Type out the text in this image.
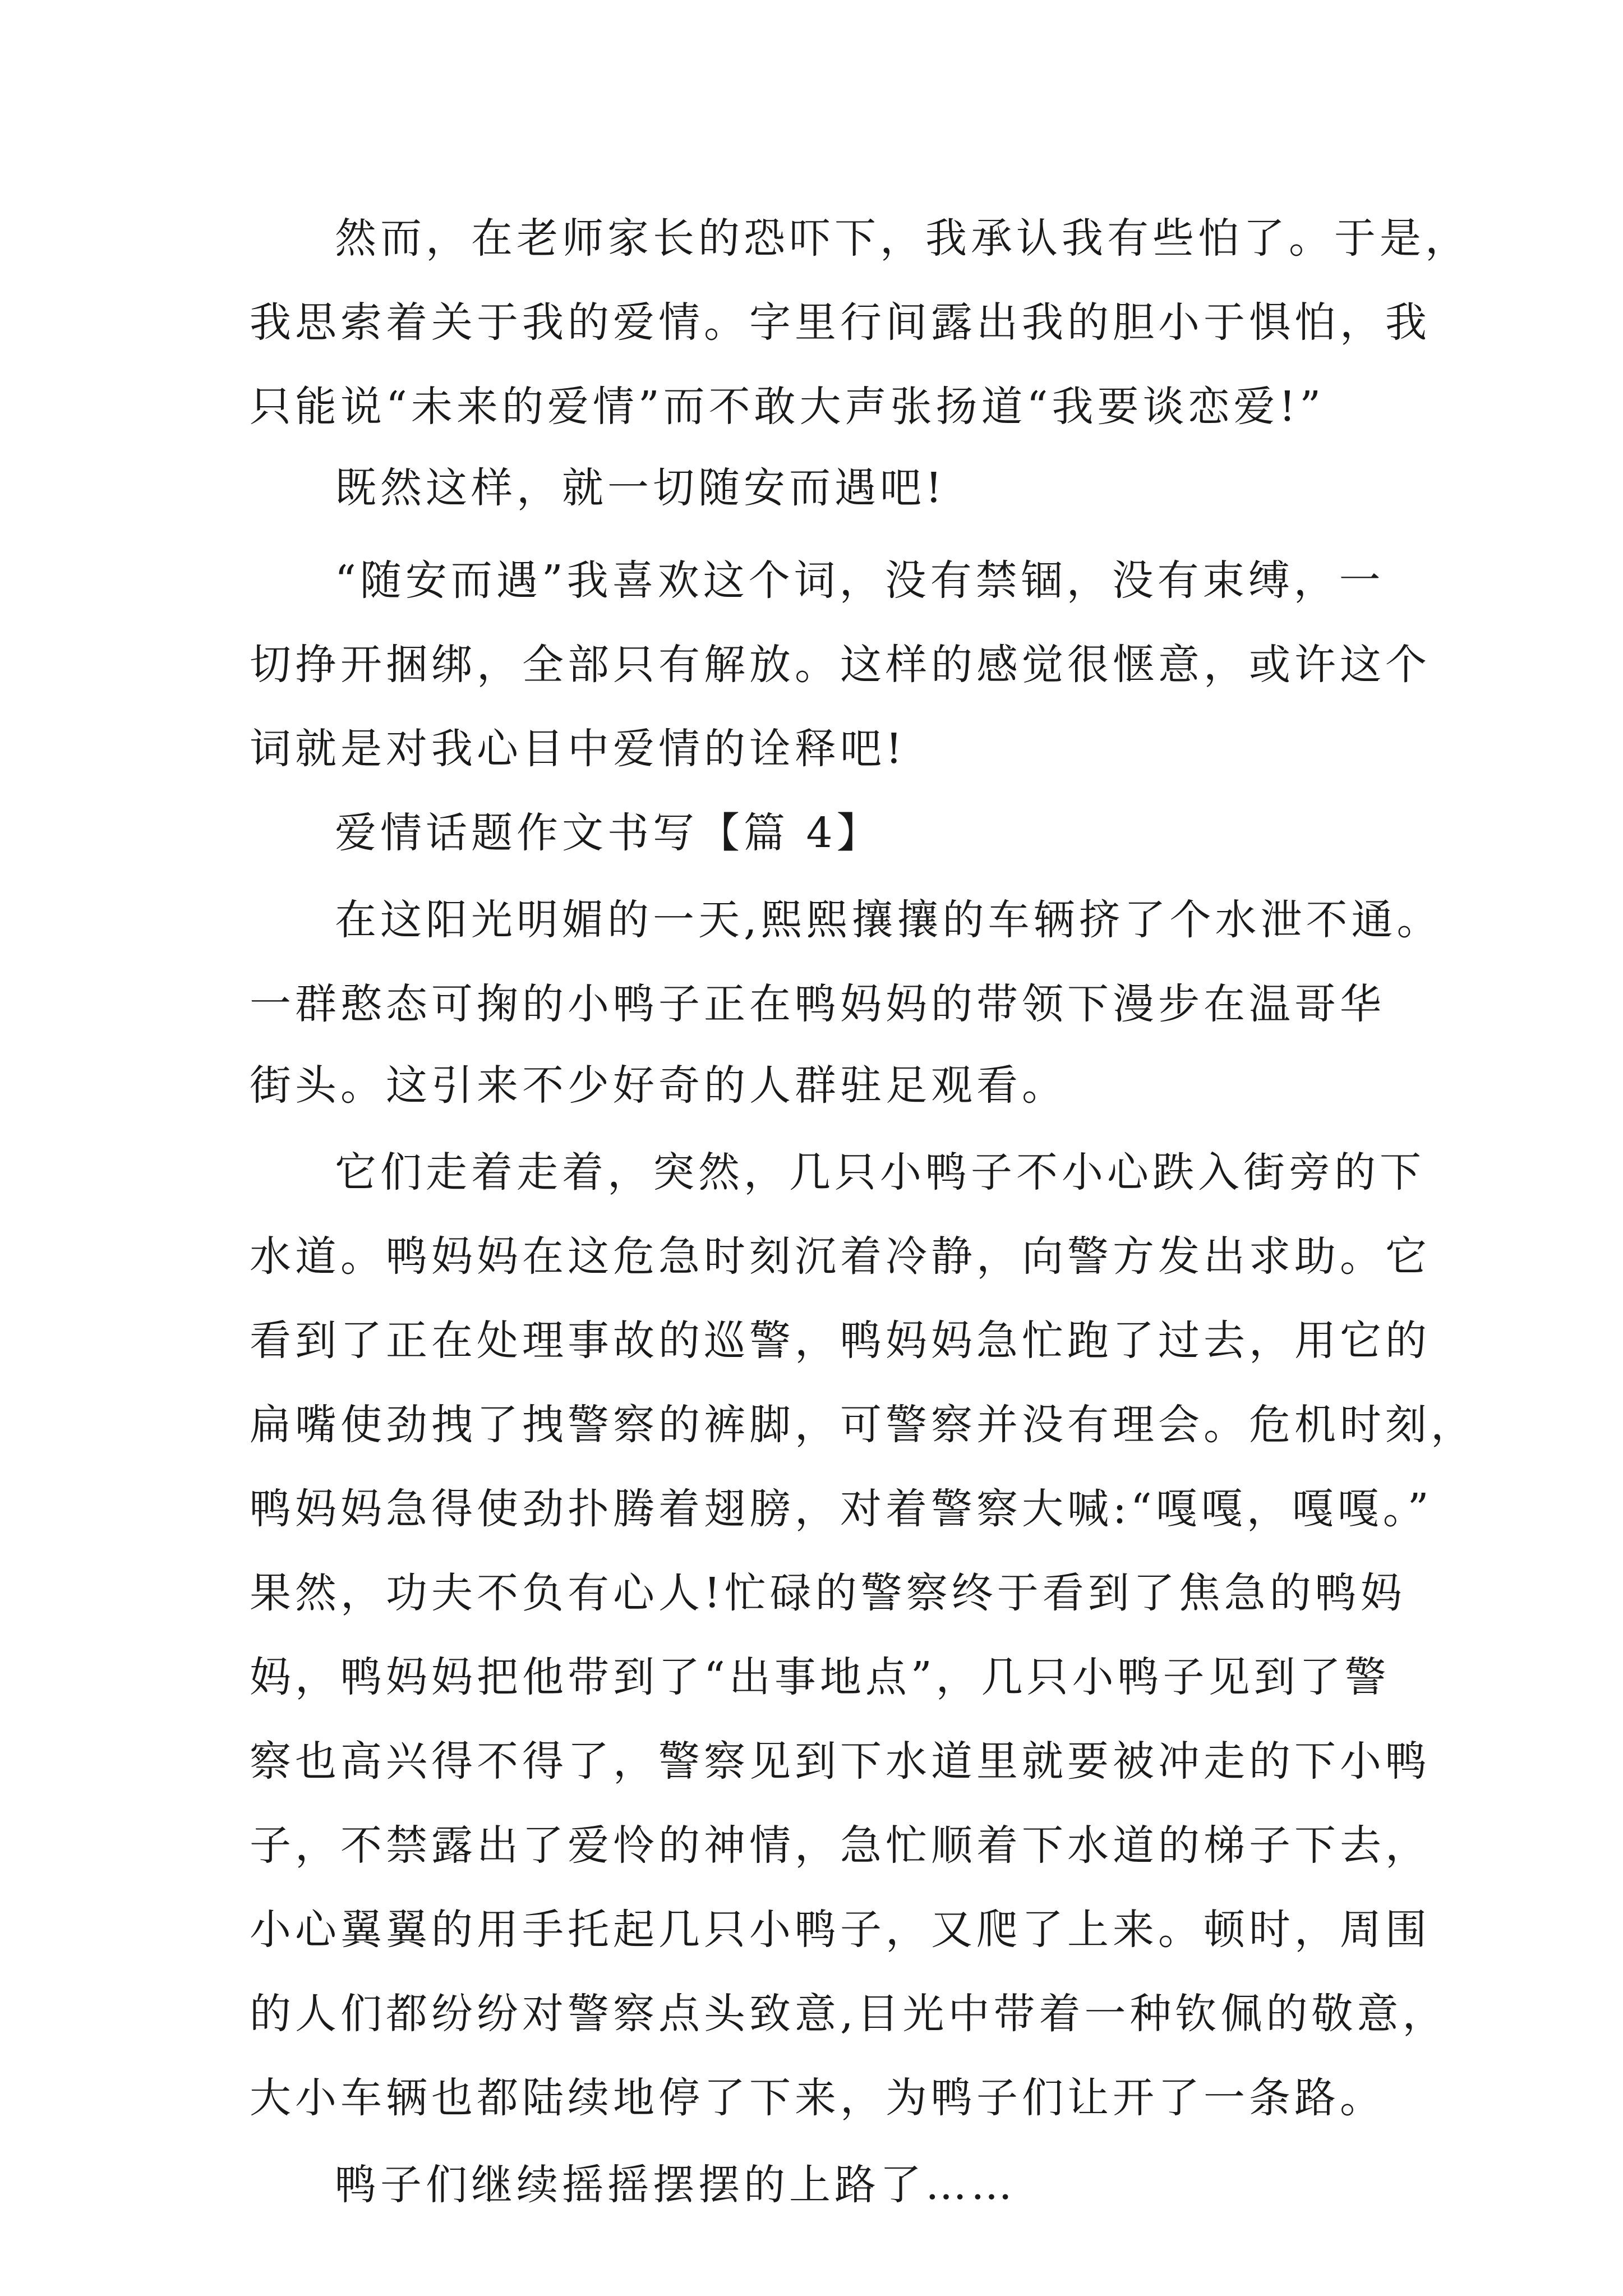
然而，在老师家长的恐吓下，我承认我有些怕了。于是，
我思索着关于我的爱情。字里行间露出我的胆小于惧怕，我
只能说“未来的爱情”而不敢大声张扬道“我要谈恋爱!”
既然这样，就一切随安而遇吧!
“随安而遇”我喜欢这个词，没有禁锢，没有束缚，一
切挣开捆绑，全部只有解放。这样的感觉很惬意，或许这个
词就是对我心目中爱情的诠释吧!
爱情话题作文书写【篇 4】
在这阳光明媚的一天,熙熙攘攘的车辆挤了个水泄不通。
一群憨态可掬的小鸭子正在鸭妈妈的带领下漫步在温哥华
街头。这引来不少好奇的人群驻足观看。
它们走着走着，突然，几只小鸭子不小心跌入街旁的下
水道。鸭妈妈在这危急时刻沉着冷静，向警方发出求助。它
看到了正在处理事故的巡警，鸭妈妈急忙跑了过去，用它的
扁嘴使劲拽了拽警察的裤脚，可警察并没有理会。危机时刻，
鸭妈妈急得使劲扑腾着翅膀，对着警察大喊:“嘎嘎，嘎嘎。”
果然，功夫不负有心人!忙碌的警察终于看到了焦急的鸭妈
妈，鸭妈妈把他带到了“出事地点”，几只小鸭子见到了警
察也高兴得不得了，警察见到下水道里就要被冲走的下小鸭
子，不禁露出了爱怜的神情，急忙顺着下水道的梯子下去，
小心翼翼的用手托起几只小鸭子，又爬了上来。顿时，周围
的人们都纷纷对警察点头致意,目光中带着一种钦佩的敬意，
大小车辆也都陆续地停了下来，为鸭子们让开了一条路。
鸭子们继续摇摇摆摆的上路了……
